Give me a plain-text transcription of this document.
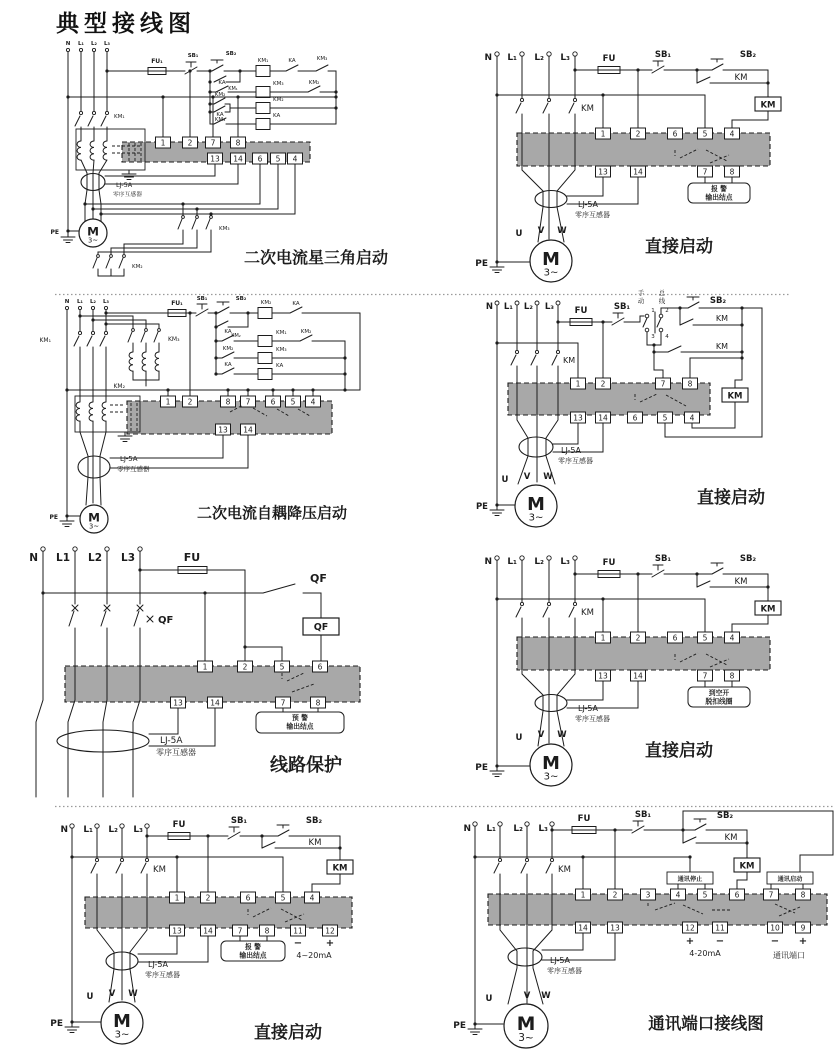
典型接线图
N L₁ L₂ L₃
PE
KM₁
LJ-5A
零序互感器
M
3~
FU₁
SB₁	SB₂
KM₁	KA	KM₃
KM₁
KA	KM₃	KM₂
KM₂
KM₃
KM₂
KA	KA
1	2 7	8
13 14 6 5 4
KM₃
KM₂	二次电流星三角启动
N L₁ L₂ L₃
PE
KM
FU	SB₁	SB₂
KM
KM
1	2	6	5	4
13	14	7	8
报 警
输出结点
LJ-5A
零序互感器
U V W
M
3~
直接启动
N L₁ L₂ L₃
PE
KM
FU	SB₁	SB₂
KM
KM
1	2	6	5	4
13	14	7	8
到空开
脱扣线圈
LJ-5A
零序互感器
U V W
M
3~
直接启动
N L₁ L₂ L₃
PE
KM₁	KM₃
KM₂
LJ-5A
零序互感器
M
3~
FU₁
SB₁	SB₂
KM₂	KA
KM₂
KA	KM₁	KM₂
KM₂	KM₃
KA	KA
1 2	8 7	6 5 4
13 14
二次电流自耦降压启动
N L₁ L₂ L₃
PE
KM
FU	SB₁
手
动
1
3
总
线
2
4
KM
SB₂
KM
KM
1	2	7	8
13 14	6	5	4
LJ-5A
零序互感器
U V W
M
3~
直接启动
N L1 L2 L3
QF
FU
QF
QF
1	2	5	6
13	14	7	8
预 警
输出结点
LJ-5A
零序互感器
线路保护
N L₁ L₂ L₃
PE
KM
FU	SB₁	SB₂
KM
KM
1	2	6	5	4
13	14	7	8	11	12
报 警
输出结点
− +
4~20mA
LJ-5A
零序互感器
U V W
M
3~	直接启动
N L₁ L₂ L₃
PE
KM
FU	SB₁	SB₂
KM
KM
通讯停止	通讯启动
1	2	3	4	5	6	7	8
14	13	12	11	10	9
+ −
4-20mA
− +
通讯端口
LJ-5A
零序互感器
U	V W
M
3~
通讯端口接线图
